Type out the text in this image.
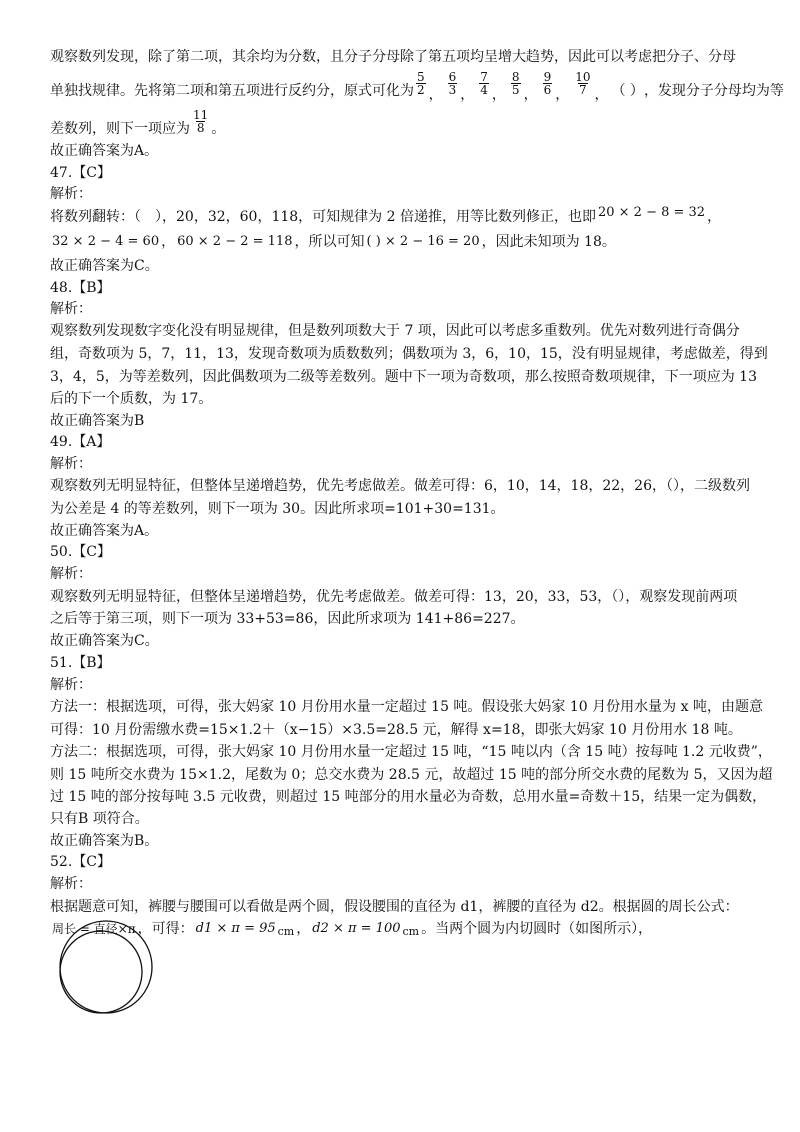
观察数列发现，除了第二项，其余均为分数，且分子分母除了第五项均呈增大趋势，因此可以考虑把分子、分母
单独找规律。先将第二项和第五项进行反约分，原式可化为 $\frac{5}{2}$ ， $\frac{6}{3}$ ， $\frac{7}{4}$ ， $\frac{8}{5}$ ， $\frac{9}{6}$ ， $\frac{10}{7}$ ， （ ） ，发现分子分母均为等
差数列，则下一项应为 $\frac{11}{8}$ 。
故正确答案为A。
47.【C】
解析：
将数列翻转：（　），20，32，60，118，可知规律为 2 倍递推，用等比数列修正，也即 20 × 2 − 8 = 32 ，
32 × 2 − 4 = 60 ， 60 × 2 − 2 = 118 ，所以可知 ( ) × 2 − 16 = 20 ，因此未知项为 18。
故正确答案为C。
48.【B】
解析：
观察数列发现数字变化没有明显规律，但是数列项数大于 7 项，因此可以考虑多重数列。优先对数列进行奇偶分
组，奇数项为 5，7，11，13，发现奇数项为质数数列；偶数项为 3，6，10，15，没有明显规律，考虑做差，得到
3，4，5，为等差数列，因此偶数项为二级等差数列。题中下一项为奇数项，那么按照奇数项规律，下一项应为 13
后的下一个质数，为 17。
故正确答案为B
49.【A】
解析：
观察数列无明显特征，但整体呈递增趋势，优先考虑做差。做差可得：6，10，14，18，22，26，（），二级数列
为公差是 4 的等差数列，则下一项为 30。因此所求项=101+30=131。
故正确答案为A。
50.【C】
解析：
观察数列无明显特征，但整体呈递增趋势，优先考虑做差。做差可得：13，20，33，53，（），观察发现前两项
之后等于第三项，则下一项为 33+53=86，因此所求项为 141+86=227。
故正确答案为C。
51.【B】
解析：
方法一：根据选项，可得，张大妈家 10 月份用水量一定超过 15 吨。假设张大妈家 10 月份用水量为 x 吨，由题意
可得：10 月份需缴水费=15×1.2＋（x−15）×3.5=28.5 元，解得 x=18，即张大妈家 10 月份用水 18 吨。
方法二：根据选项，可得，张大妈家 10 月份用水量一定超过 15 吨，“15 吨以内（含 15 吨）按每吨 1.2 元收费”，
则 15 吨所交水费为 15×1.2，尾数为 0；总交水费为 28.5 元，故超过 15 吨的部分所交水费的尾数为 5，又因为超
过 15 吨的部分按每吨 3.5 元收费，则超过 15 吨部分的用水量必为奇数，总用水量=奇数＋15，结果一定为偶数，
只有B 项符合。
故正确答案为B。
52.【C】
解析：
根据题意可知，裤腰与腰围可以看做是两个圆，假设腰围的直径为 d1，裤腰的直径为 d2。根据圆的周长公式：
周长 = 直径×π ，可得： d1 × π = 95 cm ， d2 × π = 100 cm 。当两个圆为内切圆时（如图所示），
